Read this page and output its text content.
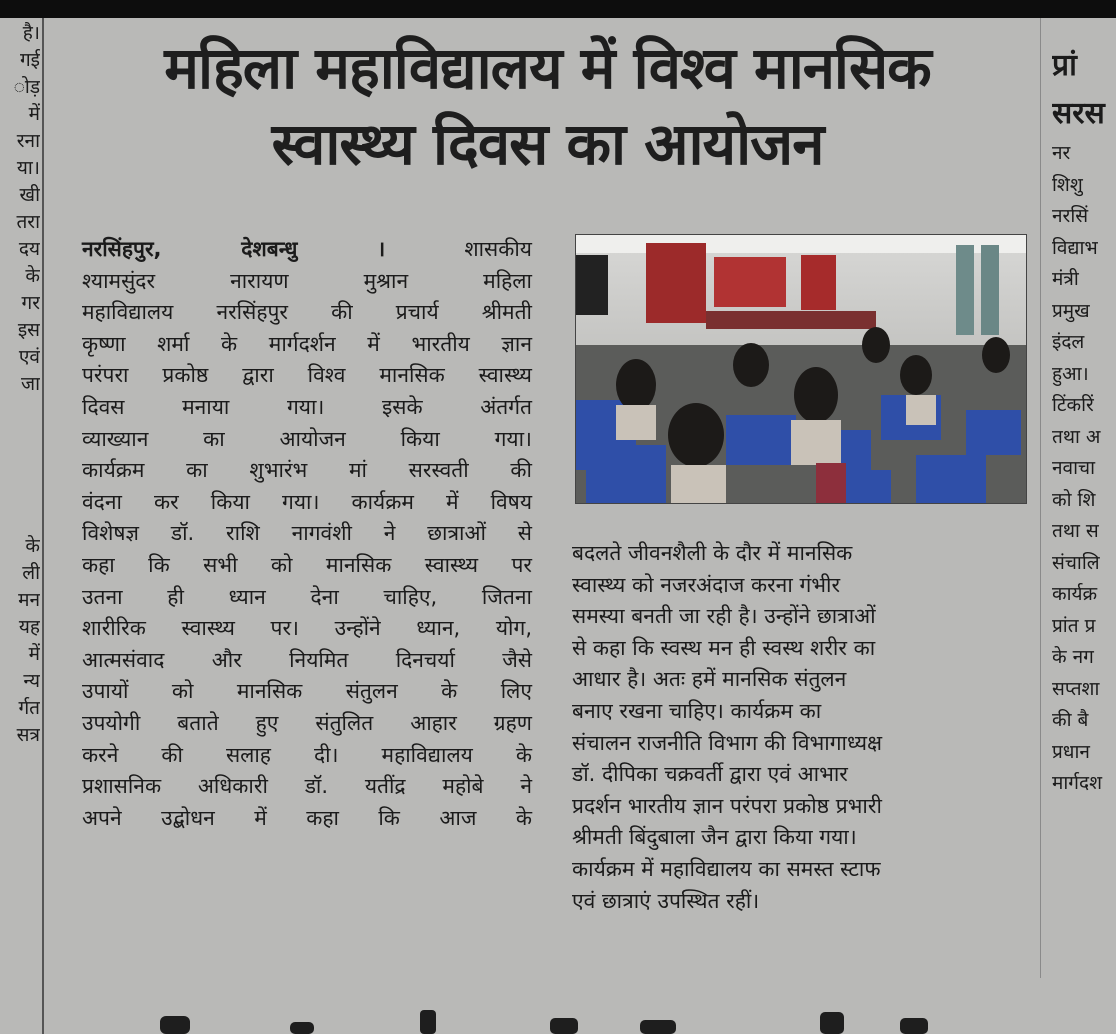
है।
गई
ोड़
में
रना
या।
खी
तरा
दय
के
गर
इस
एवं
जा

के
ली
मन
यह
में
न्य
र्गत
सत्र
प्रां
सरस
नर
शिशु
नरसिं
विद्याभ
मंत्री
प्रमुख
इंदल
हुआ।
टिंकरिं
तथा अ
नवाचा
को शि
तथा स
संचालि
कार्यक्र
प्रांत प्र
के नग
सप्तशा
की बै
प्रधान
मार्गदश
महिला महाविद्यालय में विश्व मानसिक
स्वास्थ्य दिवस का आयोजन
नरसिंहपुर, देशबन्धु ।	शासकीय
श्यामसुंदर नारायण मुश्रान महिला
महाविद्यालय नरसिंहपुर की प्रचार्य श्रीमती
कृष्णा शर्मा के मार्गदर्शन में भारतीय ज्ञान
परंपरा प्रकोष्ठ द्वारा विश्व मानसिक स्वास्थ्य
दिवस मनाया गया। इसके अंतर्गत
व्याख्यान का आयोजन किया गया।
कार्यक्रम का शुभारंभ मां सरस्वती की
वंदना कर किया गया। कार्यक्रम में विषय
विशेषज्ञ डॉ. राशि नागवंशी ने छात्राओं से
कहा कि सभी को मानसिक स्वास्थ्य पर
उतना ही ध्यान देना चाहिए, जितना
शारीरिक स्वास्थ्य पर। उन्होंने ध्यान, योग,
आत्मसंवाद और नियमित दिनचर्या जैसे
उपायों को मानसिक संतुलन के लिए
उपयोगी बताते हुए संतुलित आहार ग्रहण
करने की सलाह दी। महाविद्यालय के
प्रशासनिक अधिकारी डॉ. यतींद्र महोबे ने
अपने उद्बोधन में कहा कि आज के
बदलते जीवनशैली के दौर में मानसिक
स्वास्थ्य को नजरअंदाज करना गंभीर
समस्या बनती जा रही है। उन्होंने छात्राओं
से कहा कि स्वस्थ मन ही स्वस्थ शरीर का
आधार है। अतः हमें मानसिक संतुलन
बनाए रखना चाहिए। कार्यक्रम का
संचालन राजनीति विभाग की विभागाध्यक्ष
डॉ. दीपिका चक्रवर्ती द्वारा एवं आभार
प्रदर्शन भारतीय ज्ञान परंपरा प्रकोष्ठ प्रभारी
श्रीमती बिंदुबाला जैन द्वारा किया गया।
कार्यक्रम में महाविद्यालय का समस्त स्टाफ
एवं छात्राएं उपस्थित रहीं।
